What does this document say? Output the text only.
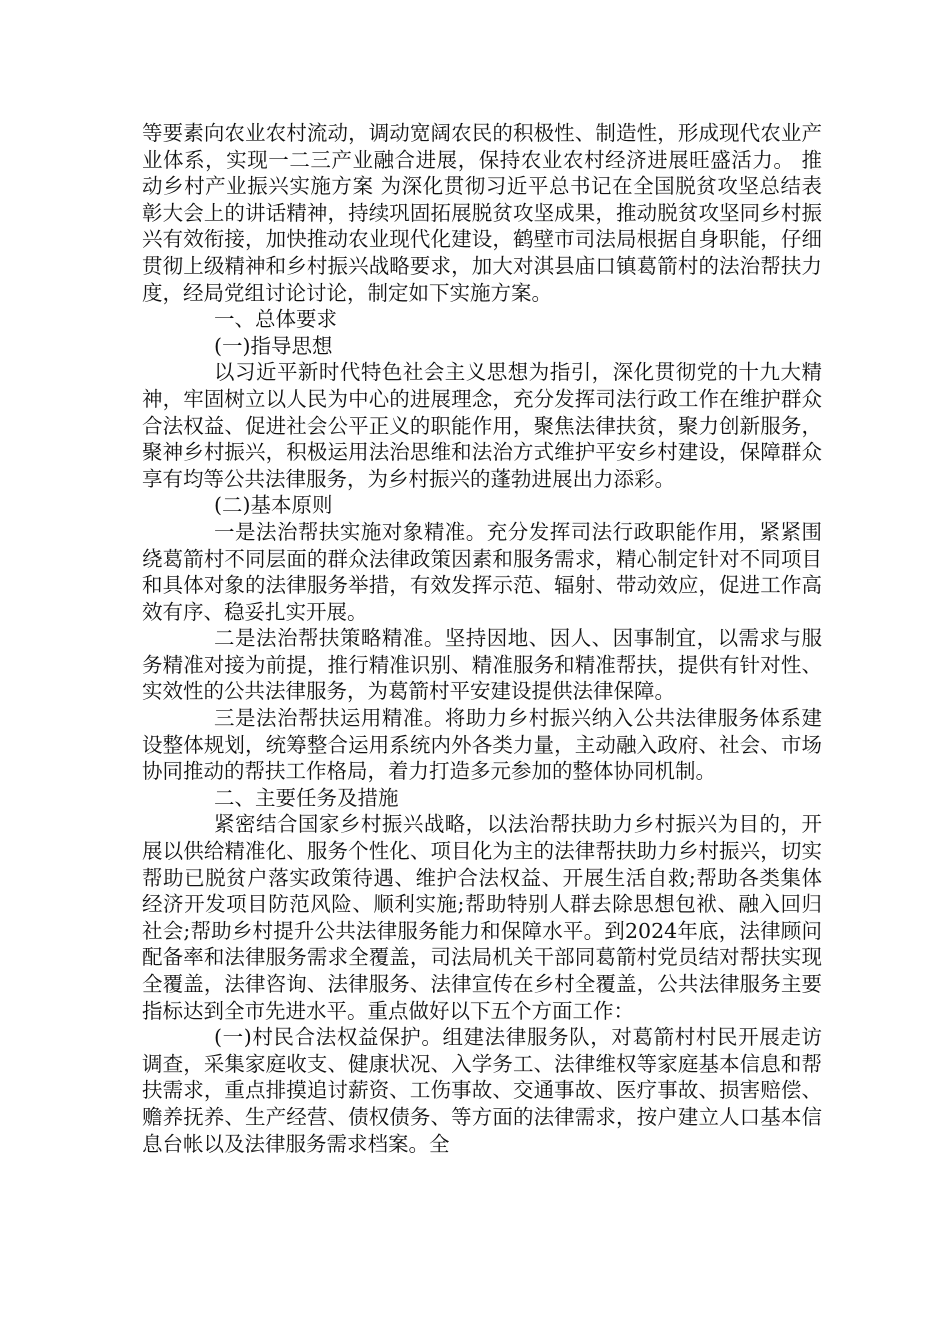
等要素向农业农村流动，调动宽阔农民的积极性、制造性，形成现代农业产业体系，实现一二三产业融合进展，保持农业农村经济进展旺盛活力。 推动乡村产业振兴实施方案 为深化贯彻习近平总书记在全国脱贫攻坚总结表彰大会上的讲话精神，持续巩固拓展脱贫攻坚成果，推动脱贫攻坚同乡村振兴有效衔接，加快推动农业现代化建设，鹤壁市司法局根据自身职能，仔细贯彻上级精神和乡村振兴战略要求，加大对淇县庙口镇葛箭村的法治帮扶力度，经局党组讨论讨论，制定如下实施方案。

一、总体要求

(一)指导思想

以习近平新时代特色社会主义思想为指引，深化贯彻党的十九大精神，牢固树立以人民为中心的进展理念，充分发挥司法行政工作在维护群众合法权益、促进社会公平正义的职能作用，聚焦法律扶贫，聚力创新服务，聚神乡村振兴，积极运用法治思维和法治方式维护平安乡村建设，保障群众享有均等公共法律服务，为乡村振兴的蓬勃进展出力添彩。

(二)基本原则

一是法治帮扶实施对象精准。充分发挥司法行政职能作用，紧紧围绕葛箭村不同层面的群众法律政策因素和服务需求，精心制定针对不同项目和具体对象的法律服务举措，有效发挥示范、辐射、带动效应，促进工作高效有序、稳妥扎实开展。

二是法治帮扶策略精准。坚持因地、因人、因事制宜，以需求与服务精准对接为前提，推行精准识别、精准服务和精准帮扶，提供有针对性、实效性的公共法律服务，为葛箭村平安建设提供法律保障。

三是法治帮扶运用精准。将助力乡村振兴纳入公共法律服务体系建设整体规划，统筹整合运用系统内外各类力量，主动融入政府、社会、市场协同推动的帮扶工作格局，着力打造多元参加的整体协同机制。

二、主要任务及措施

紧密结合国家乡村振兴战略，以法治帮扶助力乡村振兴为目的，开展以供给精准化、服务个性化、项目化为主的法律帮扶助力乡村振兴，切实帮助已脱贫户落实政策待遇、维护合法权益、开展生活自救;帮助各类集体经济开发项目防范风险、顺利实施;帮助特别人群去除思想包袱、融入回归社会;帮助乡村提升公共法律服务能力和保障水平。到2024年底，法律顾问配备率和法律服务需求全覆盖，司法局机关干部同葛箭村党员结对帮扶实现全覆盖，法律咨询、法律服务、法律宣传在乡村全覆盖，公共法律服务主要指标达到全市先进水平。重点做好以下五个方面工作：

(一)村民合法权益保护。组建法律服务队，对葛箭村村民开展走访调查，采集家庭收支、健康状况、入学务工、法律维权等家庭基本信息和帮扶需求，重点排摸追讨薪资、工伤事故、交通事故、医疗事故、损害赔偿、赡养抚养、生产经营、债权债务、等方面的法律需求，按户建立人口基本信息台帐以及法律服务需求档案。全
